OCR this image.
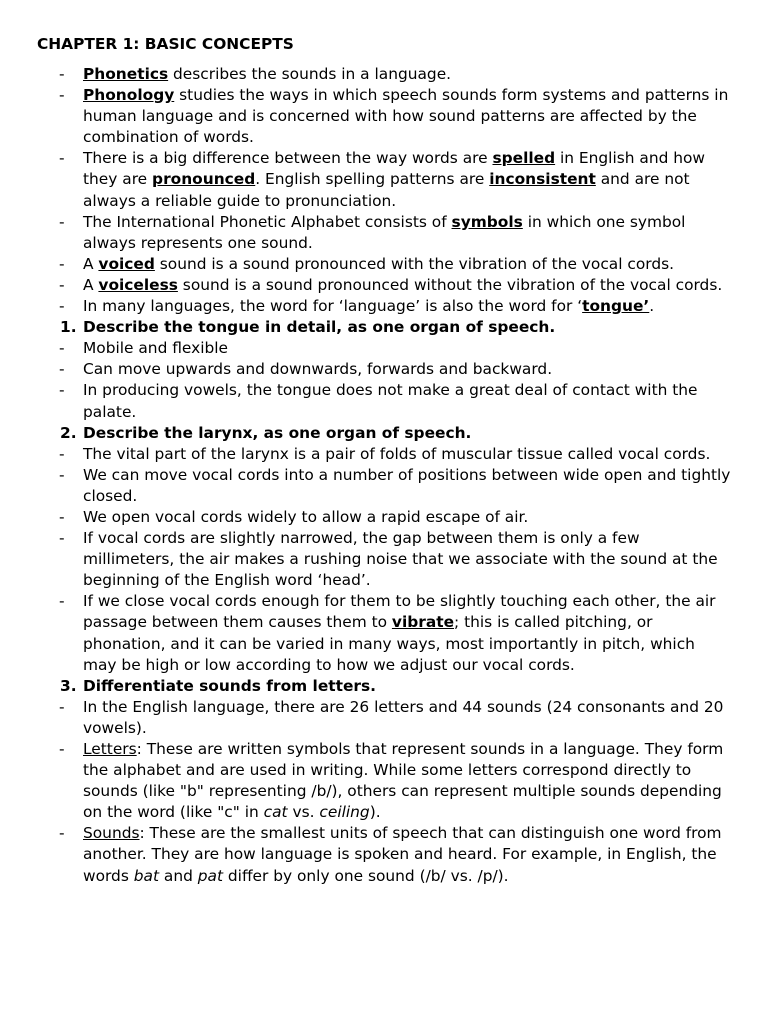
CHAPTER 1: BASIC CONCEPTS
- Phonetics describes the sounds in a language.
- Phonology studies the ways in which speech sounds form systems and patterns in human language and is concerned with how sound patterns are affected by the combination of words.
- There is a big difference between the way words are spelled in English and how they are pronounced. English spelling patterns are inconsistent and are not always a reliable guide to pronunciation.
- The International Phonetic Alphabet consists of symbols in which one symbol always represents one sound.
- A voiced sound is a sound pronounced with the vibration of the vocal cords.
- A voiceless sound is a sound pronounced without the vibration of the vocal cords.
- In many languages, the word for ‘language’ is also the word for ‘tongue’.
1. Describe the tongue in detail, as one organ of speech.
- Mobile and flexible
- Can move upwards and downwards, forwards and backward.
- In producing vowels, the tongue does not make a great deal of contact with the palate.
2. Describe the larynx, as one organ of speech.
- The vital part of the larynx is a pair of folds of muscular tissue called vocal cords.
- We can move vocal cords into a number of positions between wide open and tightly closed.
- We open vocal cords widely to allow a rapid escape of air.
- If vocal cords are slightly narrowed, the gap between them is only a few millimeters, the air makes a rushing noise that we associate with the sound at the beginning of the English word ‘head’.
- If we close vocal cords enough for them to be slightly touching each other, the air passage between them causes them to vibrate; this is called pitching, or phonation, and it can be varied in many ways, most importantly in pitch, which may be high or low according to how we adjust our vocal cords.
3. Differentiate sounds from letters.
- In the English language, there are 26 letters and 44 sounds (24 consonants and 20 vowels).
- Letters: These are written symbols that represent sounds in a language. They form the alphabet and are used in writing. While some letters correspond directly to sounds (like "b" representing /b/), others can represent multiple sounds depending on the word (like "c" in cat vs. ceiling).
- Sounds: These are the smallest units of speech that can distinguish one word from another. They are how language is spoken and heard. For example, in English, the words bat and pat differ by only one sound (/b/ vs. /p/).
